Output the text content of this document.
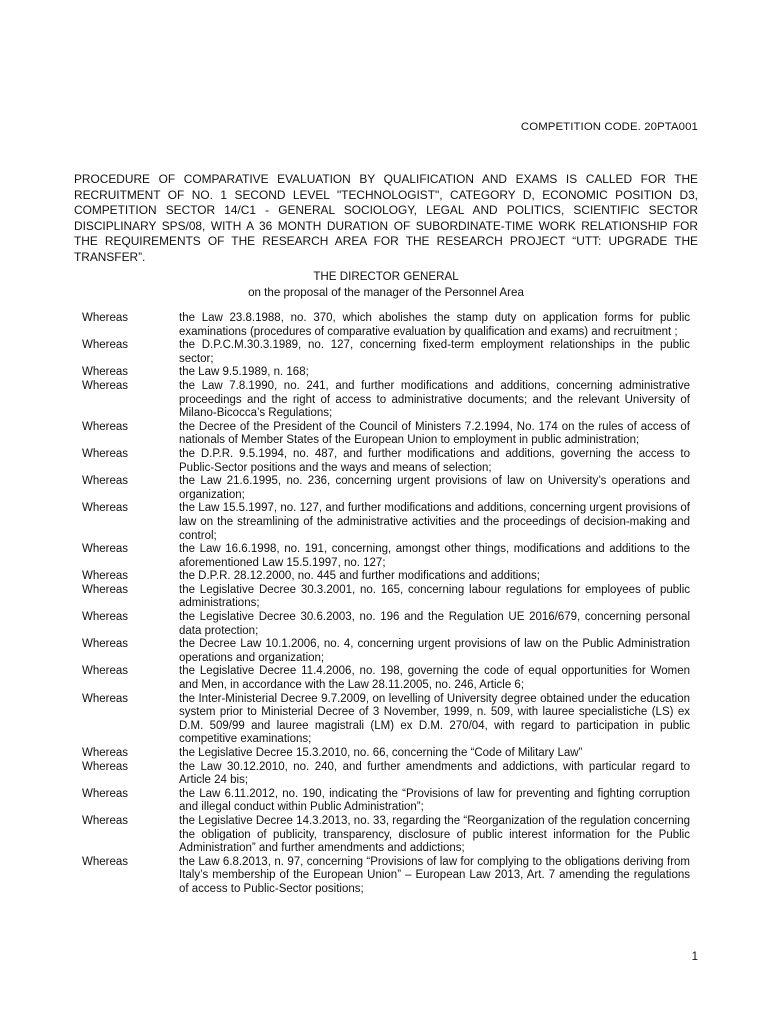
COMPETITION CODE. 20PTA001
PROCEDURE OF COMPARATIVE EVALUATION BY QUALIFICATION AND EXAMS IS CALLED FOR THE RECRUITMENT OF NO. 1 SECOND LEVEL "TECHNOLOGIST", CATEGORY D, ECONOMIC POSITION D3, COMPETITION SECTOR 14/C1 - GENERAL SOCIOLOGY, LEGAL AND POLITICS, SCIENTIFIC SECTOR DISCIPLINARY SPS/08, WITH A 36 MONTH DURATION OF SUBORDINATE-TIME WORK RELATIONSHIP FOR THE REQUIREMENTS OF THE RESEARCH AREA FOR THE RESEARCH PROJECT “UTT: UPGRADE THE TRANSFER”.
THE DIRECTOR GENERAL
on the proposal of the manager of the Personnel Area
Whereas	the Law 23.8.1988, no. 370, which abolishes the stamp duty on application forms for public examinations (procedures of comparative evaluation by qualification and exams) and recruitment ;
Whereas	the D.P.C.M.30.3.1989, no. 127, concerning fixed-term employment relationships in the public sector;
Whereas	the Law 9.5.1989, n. 168;
Whereas	the Law 7.8.1990, no. 241, and further modifications and additions, concerning administrative proceedings and the right of access to administrative documents; and the relevant University of Milano-Bicocca’s Regulations;
Whereas	the Decree of the President of the Council of Ministers 7.2.1994, No. 174 on the rules of access of nationals of Member States of the European Union to employment in public administration;
Whereas	the D.P.R. 9.5.1994, no. 487, and further modifications and additions, governing the access to Public-Sector positions and the ways and means of selection;
Whereas	the Law 21.6.1995, no. 236, concerning urgent provisions of law on University’s operations and organization;
Whereas	the Law 15.5.1997, no. 127, and further modifications and additions, concerning urgent provisions of law on the streamlining of the administrative activities and the proceedings of decision-making and control;
Whereas	the Law 16.6.1998, no. 191, concerning, amongst other things, modifications and additions to the aforementioned Law 15.5.1997, no. 127;
Whereas	the D.P.R. 28.12.2000, no. 445 and further modifications and additions;
Whereas	the Legislative Decree 30.3.2001, no. 165, concerning labour regulations for employees of public administrations;
Whereas	the Legislative Decree 30.6.2003, no. 196 and the Regulation UE 2016/679, concerning personal data protection;
Whereas	the Decree Law 10.1.2006, no. 4, concerning urgent provisions of law on the Public Administration operations and organization;
Whereas	the Legislative Decree 11.4.2006, no. 198, governing the code of equal opportunities for Women and Men, in accordance with the Law 28.11.2005, no. 246, Article 6;
Whereas	the Inter-Ministerial Decree 9.7.2009, on levelling of University degree obtained under the education system prior to Ministerial Decree of 3 November, 1999, n. 509, with lauree specialistiche (LS) ex D.M. 509/99 and lauree magistrali (LM) ex D.M. 270/04, with regard to participation in public competitive examinations;
Whereas	the Legislative Decree 15.3.2010, no. 66, concerning the “Code of Military Law”
Whereas	the Law 30.12.2010, no. 240, and further amendments and addictions, with particular regard to Article 24 bis;
Whereas	the Law 6.11.2012, no. 190, indicating the “Provisions of law for preventing and fighting corruption and illegal conduct within Public Administration”;
Whereas	the Legislative Decree 14.3.2013, no. 33, regarding the “Reorganization of the regulation concerning the obligation of publicity, transparency, disclosure of public interest information for the Public Administration” and further amendments and addictions;
Whereas	the Law 6.8.2013, n. 97, concerning “Provisions of law for complying to the obligations deriving from Italy’s membership of the European Union” – European Law 2013, Art. 7 amending the regulations of access to Public-Sector positions;
1
